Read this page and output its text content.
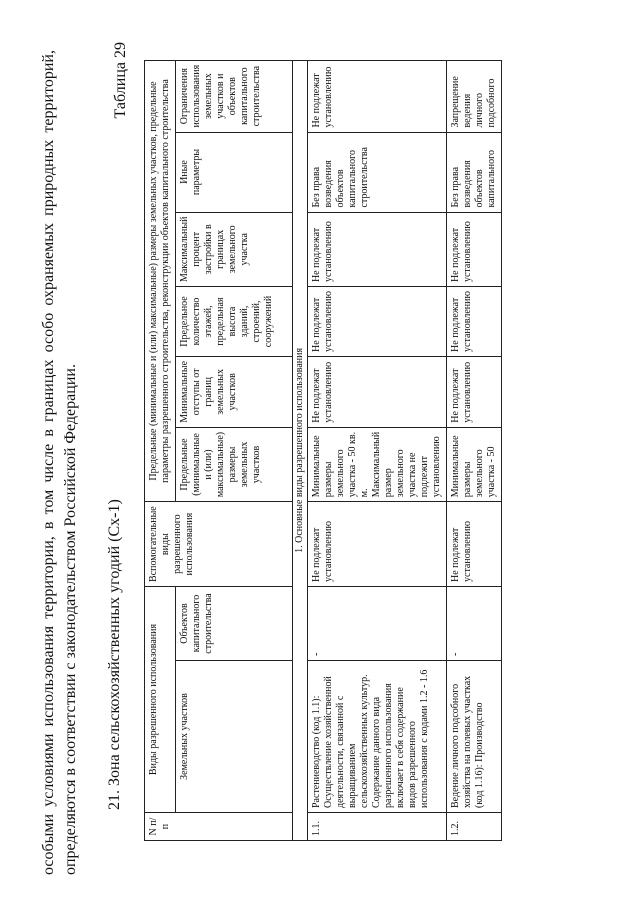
особыми условиями использования территории, в том числе в границах особо охраняемых природных территорий, определяются в соответствии с законодательством Российской Федерации. 21. Зона сельскохозяйственных угодий (Сх-1)
Таблица 29
N п/п	Виды разрешенного использования		Вспомогательные виды разрешенного использования	Предельные (минимальные и (или) максимальные) размеры земельных участков, предельные параметры разрешенного строительства, реконструкции объектов капитального строительства					
				Предельные (минимальные и (или) максимальные) размеры земельных участков	Минимальные отступы от границ земельных участков	Предельное количество этажей, предельная высота зданий, строений, сооружений	Максимальный процент застройки в границах земельного участка	Иные параметры	Ограничения использования земельных участков и объектов капитального строительства
	Земельных участков	Объектов капитального строительства							
1. Основные виды разрешенного использования									
1.1.	Растениеводство (код 1.1): Осуществление хозяйственной деятельности, связанной с выращиванием сельскохозяйственных культур. Содержание данного вида разрешенного использования включает в себя содержание видов разрешенного использования с кодами 1.2 - 1.6	-	Не подлежат установлению	Минимальные размеры земельного участка - 50 кв. м. Максимальный размер земельного участка не подлежит установлению	Не подлежат установлению	Не подлежат установлению	Не подлежат установлению	Без права возведения объектов капитального строительства	Не подлежат установлению
1.2.	Ведение личного подсобного хозяйства на полевых участках (код 1.16): Производство	-	Не подлежат установлению	Минимальные размеры земельного участка - 50	Не подлежат установлению	Не подлежат установлению	Не подлежат установлению	Без права возведения объектов капитального	Запрещение ведения личного подсобного
